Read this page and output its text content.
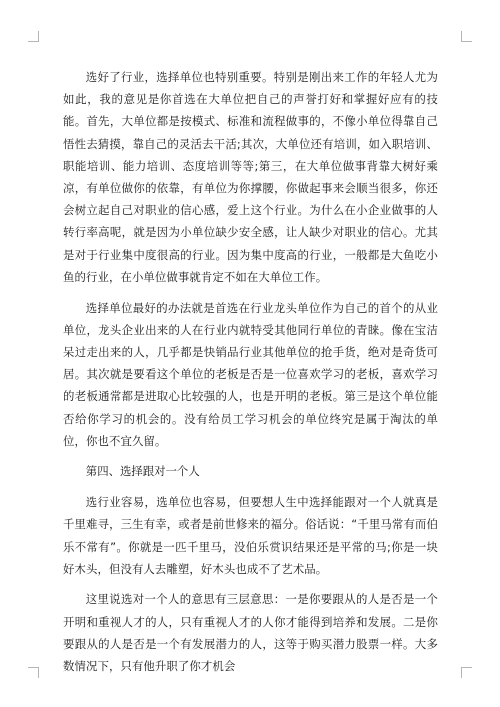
选好了行业，选择单位也特别重要。特别是刚出来工作的年轻人尤为如此，我的意见是你首选在大单位把自己的声誉打好和掌握好应有的技能。首先，大单位都是按模式、标准和流程做事的，不像小单位得靠自己悟性去猜摸，靠自己的灵活去干活;其次，大单位还有培训，如入职培训、职能培训、能力培训、态度培训等等;第三，在大单位做事背靠大树好乘凉，有单位做你的依靠，有单位为你撑腰，你做起事来会顺当很多，你还会树立起自己对职业的信心感，爱上这个行业。为什么在小企业做事的人转行率高呢，就是因为小单位缺少安全感，让人缺少对职业的信心。尤其是对于行业集中度很高的行业。因为集中度高的行业，一般都是大鱼吃小鱼的行业，在小单位做事就肯定不如在大单位工作。

选择单位最好的办法就是首选在行业龙头单位作为自己的首个的从业单位，龙头企业出来的人在行业内就特受其他同行单位的青睐。像在宝洁呆过走出来的人，几乎都是快销品行业其他单位的抢手货，绝对是奇货可居。其次就是要看这个单位的老板是否是一位喜欢学习的老板，喜欢学习的老板通常都是进取心比较强的人，也是开明的老板。第三是这个单位能否给你学习的机会的。没有给员工学习机会的单位终究是属于淘汰的单位，你也不宜久留。

第四、选择跟对一个人

选行业容易，选单位也容易，但要想人生中选择能跟对一个人就真是千里难寻，三生有幸，或者是前世修来的福分。俗话说：“千里马常有而伯乐不常有”。你就是一匹千里马，没伯乐赏识结果还是平常的马;你是一块好木头，但没有人去雕塑，好木头也成不了艺术品。

这里说选对一个人的意思有三层意思：一是你要跟从的人是否是一个开明和重视人才的人，只有重视人才的人你才能得到培养和发展。二是你要跟从的人是否是一个有发展潜力的人，这等于购买潜力股票一样。大多数情况下，只有他升职了你才机会
